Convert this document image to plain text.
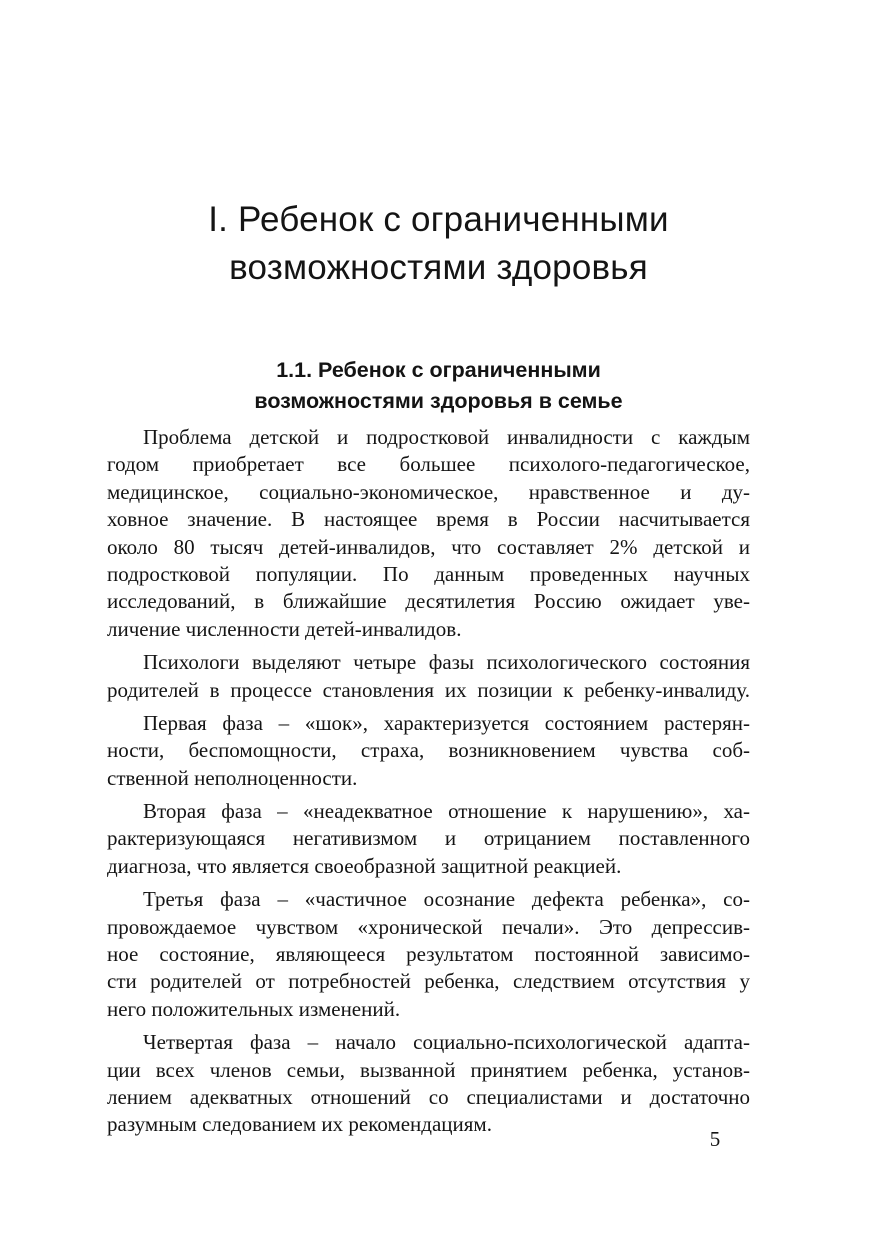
I. Ребенок с ограниченными
возможностями здоровья
1.1. Ребенок с ограниченными
возможностями здоровья в семье

Проблема детской и подростковой инвалидности с каждым
годом приобретает все большее психолого-педагогическое,
медицинское, социально-экономическое, нравственное и ду-
ховное значение. В настоящее время в России насчитывается
около 80 тысяч детей-инвалидов, что составляет 2% детской и
подростковой популяции. По данным проведенных научных
исследований, в ближайшие десятилетия Россию ожидает уве-
личение численности детей-инвалидов.

Психологи выделяют четыре фазы психологического состояния
родителей в процессе становления их позиции к ребенку-инвалиду.

Первая фаза – «шок», характеризуется состоянием растерян-
ности, беспомощности, страха, возникновением чувства соб-
ственной неполноценности.

Вторая фаза – «неадекватное отношение к нарушению», ха-
рактеризующаяся негативизмом и отрицанием поставленного
диагноза, что является своеобразной защитной реакцией.

Третья фаза – «частичное осознание дефекта ребенка», со-
провождаемое чувством «хронической печали». Это депрессив-
ное состояние, являющееся результатом постоянной зависимо-
сти родителей от потребностей ребенка, следствием отсутствия у
него положительных изменений.

Четвертая фаза – начало социально-психологической адапта-
ции всех членов семьи, вызванной принятием ребенка, установ-
лением адекватных отношений со специалистами и достаточно
разумным следованием их рекомендациям.

5
